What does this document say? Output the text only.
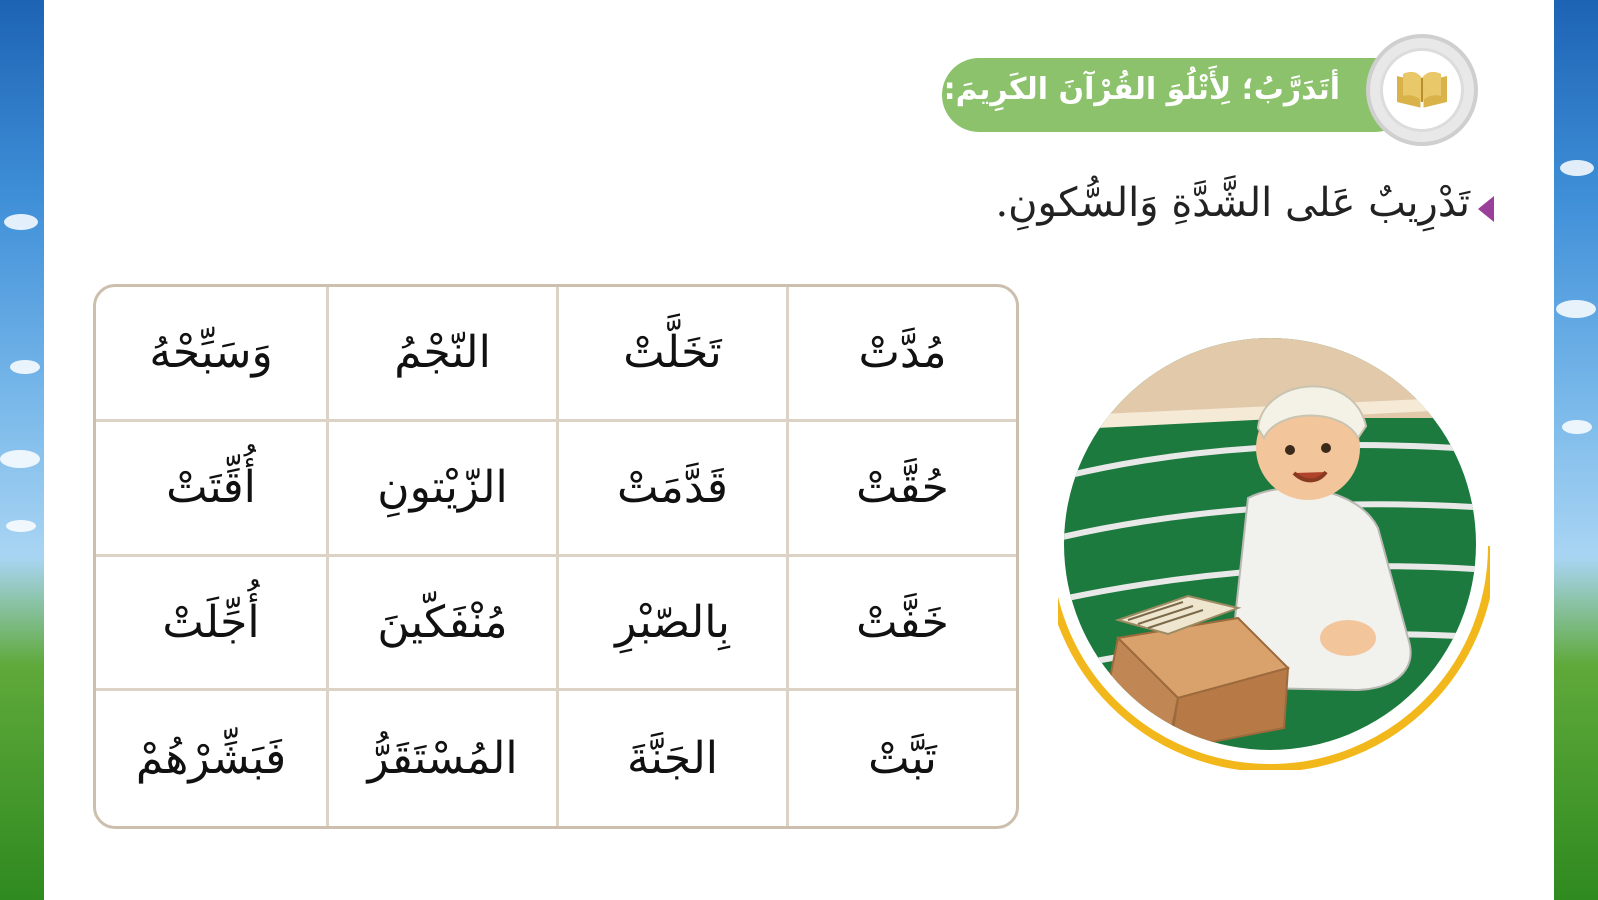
أتَدَرَّبُ؛ لِأَتْلُوَ القُرْآنَ الكَرِيمَ:
تَدْرِيبٌ عَلى الشَّدَّةِ وَالسُّكونِ.
مُدَّتْ
تَخَلَّتْ
النّجْمُ
وَسَبِّحْهُ
حُقَّتْ
قَدَّمَتْ
الزّيْتونِ
أُقِّتَتْ
خَفَّتْ
بِالصّبْرِ
مُنْفَكّينَ
أُجِّلَتْ
تَبَّتْ
الجَنَّةَ
المُسْتَقَرُّ
فَبَشِّرْهُمْ
